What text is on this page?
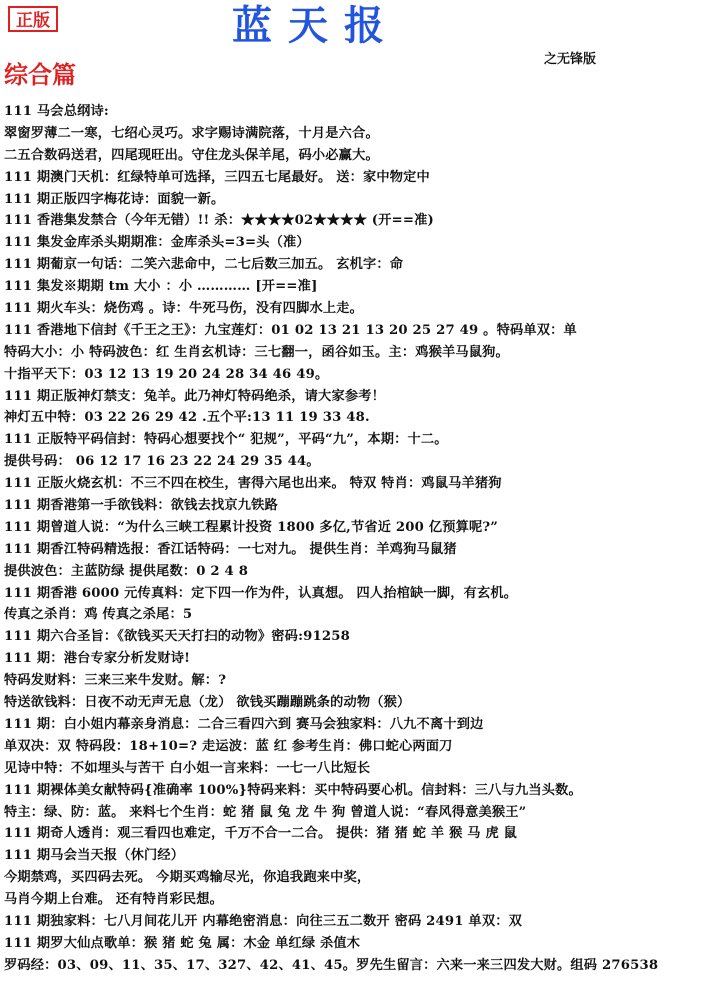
正版	蓝天报
之无锋版
综合篇
111 马会总纲诗:
翠窗罗薄二一寒，七绍心灵巧。求字赐诗满院落，十月是六合。
二五合数码送君，四尾现旺出。守住龙头保羊尾，码小必赢大。
111 期澳门天机：红绿特单可选择，三四五七尾最好。 送：家中物定中
111 期正版四字梅花诗：面貌一新。
111 香港集发禁合（今年无错）!! 杀：★★★★02★★★★ (开==准)
111 集发金库杀头期期准：金库杀头=3=头（准）
111 期葡京一句话：二笑六悲命中，二七后数三加五。 玄机字：命
111 集发※期期 tm 大小 ：小 ………… [开==准]
111 期火车头：烧伤鸡 。诗：牛死马伤，没有四脚水上走。
111 香港地下信封《千王之王》：九宝莲灯：01 02 13 21 13 20 25 27 49 。特码单双：单
特码大小：小 特码波色：红 生肖玄机诗：三七翻一，函谷如玉。主：鸡猴羊马鼠狗。
十指平天下：03 12 13 19 20 24 28 34 46 49。
111 期正版神灯禁支：兔羊。此乃神灯特码绝杀，请大家参考！
神灯五中特：03 22 26 29 42 .五个平:13 11 19 33 48.
111 正版特平码信封：特码心想要找个“ 犯规”，平码“九”，本期：十二。
提供号码： 06 12 17 16 23 22 24 29 35 44。
111 正版火烧玄机：不三不四在校生，害得六尾也出来。 特双 特肖：鸡鼠马羊猪狗
111 期香港第一手欲钱料：欲钱去找京九铁路
111 期曾道人说：“为什么三峡工程累计投资 1800 多亿,节省近 200 亿预算呢?”
111 期香江特码精选报：香江话特码：一七对九。 提供生肖：羊鸡狗马鼠猪
提供波色：主蓝防绿 提供尾数：0 2 4 8
111 期香港 6000 元传真料：定下四一作为件，认真想。 四人抬棺缺一脚，有玄机。
传真之杀肖：鸡 传真之杀尾：5
111 期六合圣旨：《欲钱买天天打扫的动物》密码:91258
111 期：港台专家分析发财诗!
特码发财料：三来三来牛发财。解：?
特送欲钱料：日夜不动无声无息（龙） 欲钱买蹦蹦跳条的动物（猴）
111 期：白小姐内幕亲身消息：二合三看四六到 赛马会独家料：八九不离十到边
单双决：双 特码段：18+10=? 走运波：蓝 红 参考生肖：佛口蛇心两面刀
见诗中特：不如埋头与苦干 白小姐一言来料：一七一八比短长
111 期裸体美女献特码{准确率 100%}特码来料：买中特码要心机。信封料：三八与九当头数。
特主：绿、防：蓝。 来料七个生肖：蛇 猪 鼠 兔 龙 牛 狗 曾道人说：“春风得意美猴王”
111 期奇人透肖：观三看四也难定，千万不合一二合。 提供：猪 猪 蛇 羊 猴 马 虎 鼠
111 期马会当天报（休门经）
今期禁鸡，买四码去死。 今期买鸡输尽光，你追我跑来中奖，
马肖今期上台难。 还有特肖彩民想。
111 期独家料：七八月间花儿开 内幕绝密消息：向往三五二数开 密码 2491 单双：双
111 期罗大仙点歌单：猴 猪 蛇 兔 属：木金 单红绿 杀值木
罗码经：03、09、11、35、17、327、42、41、45。罗先生留言：六来一来三四发大财。组码 276538
